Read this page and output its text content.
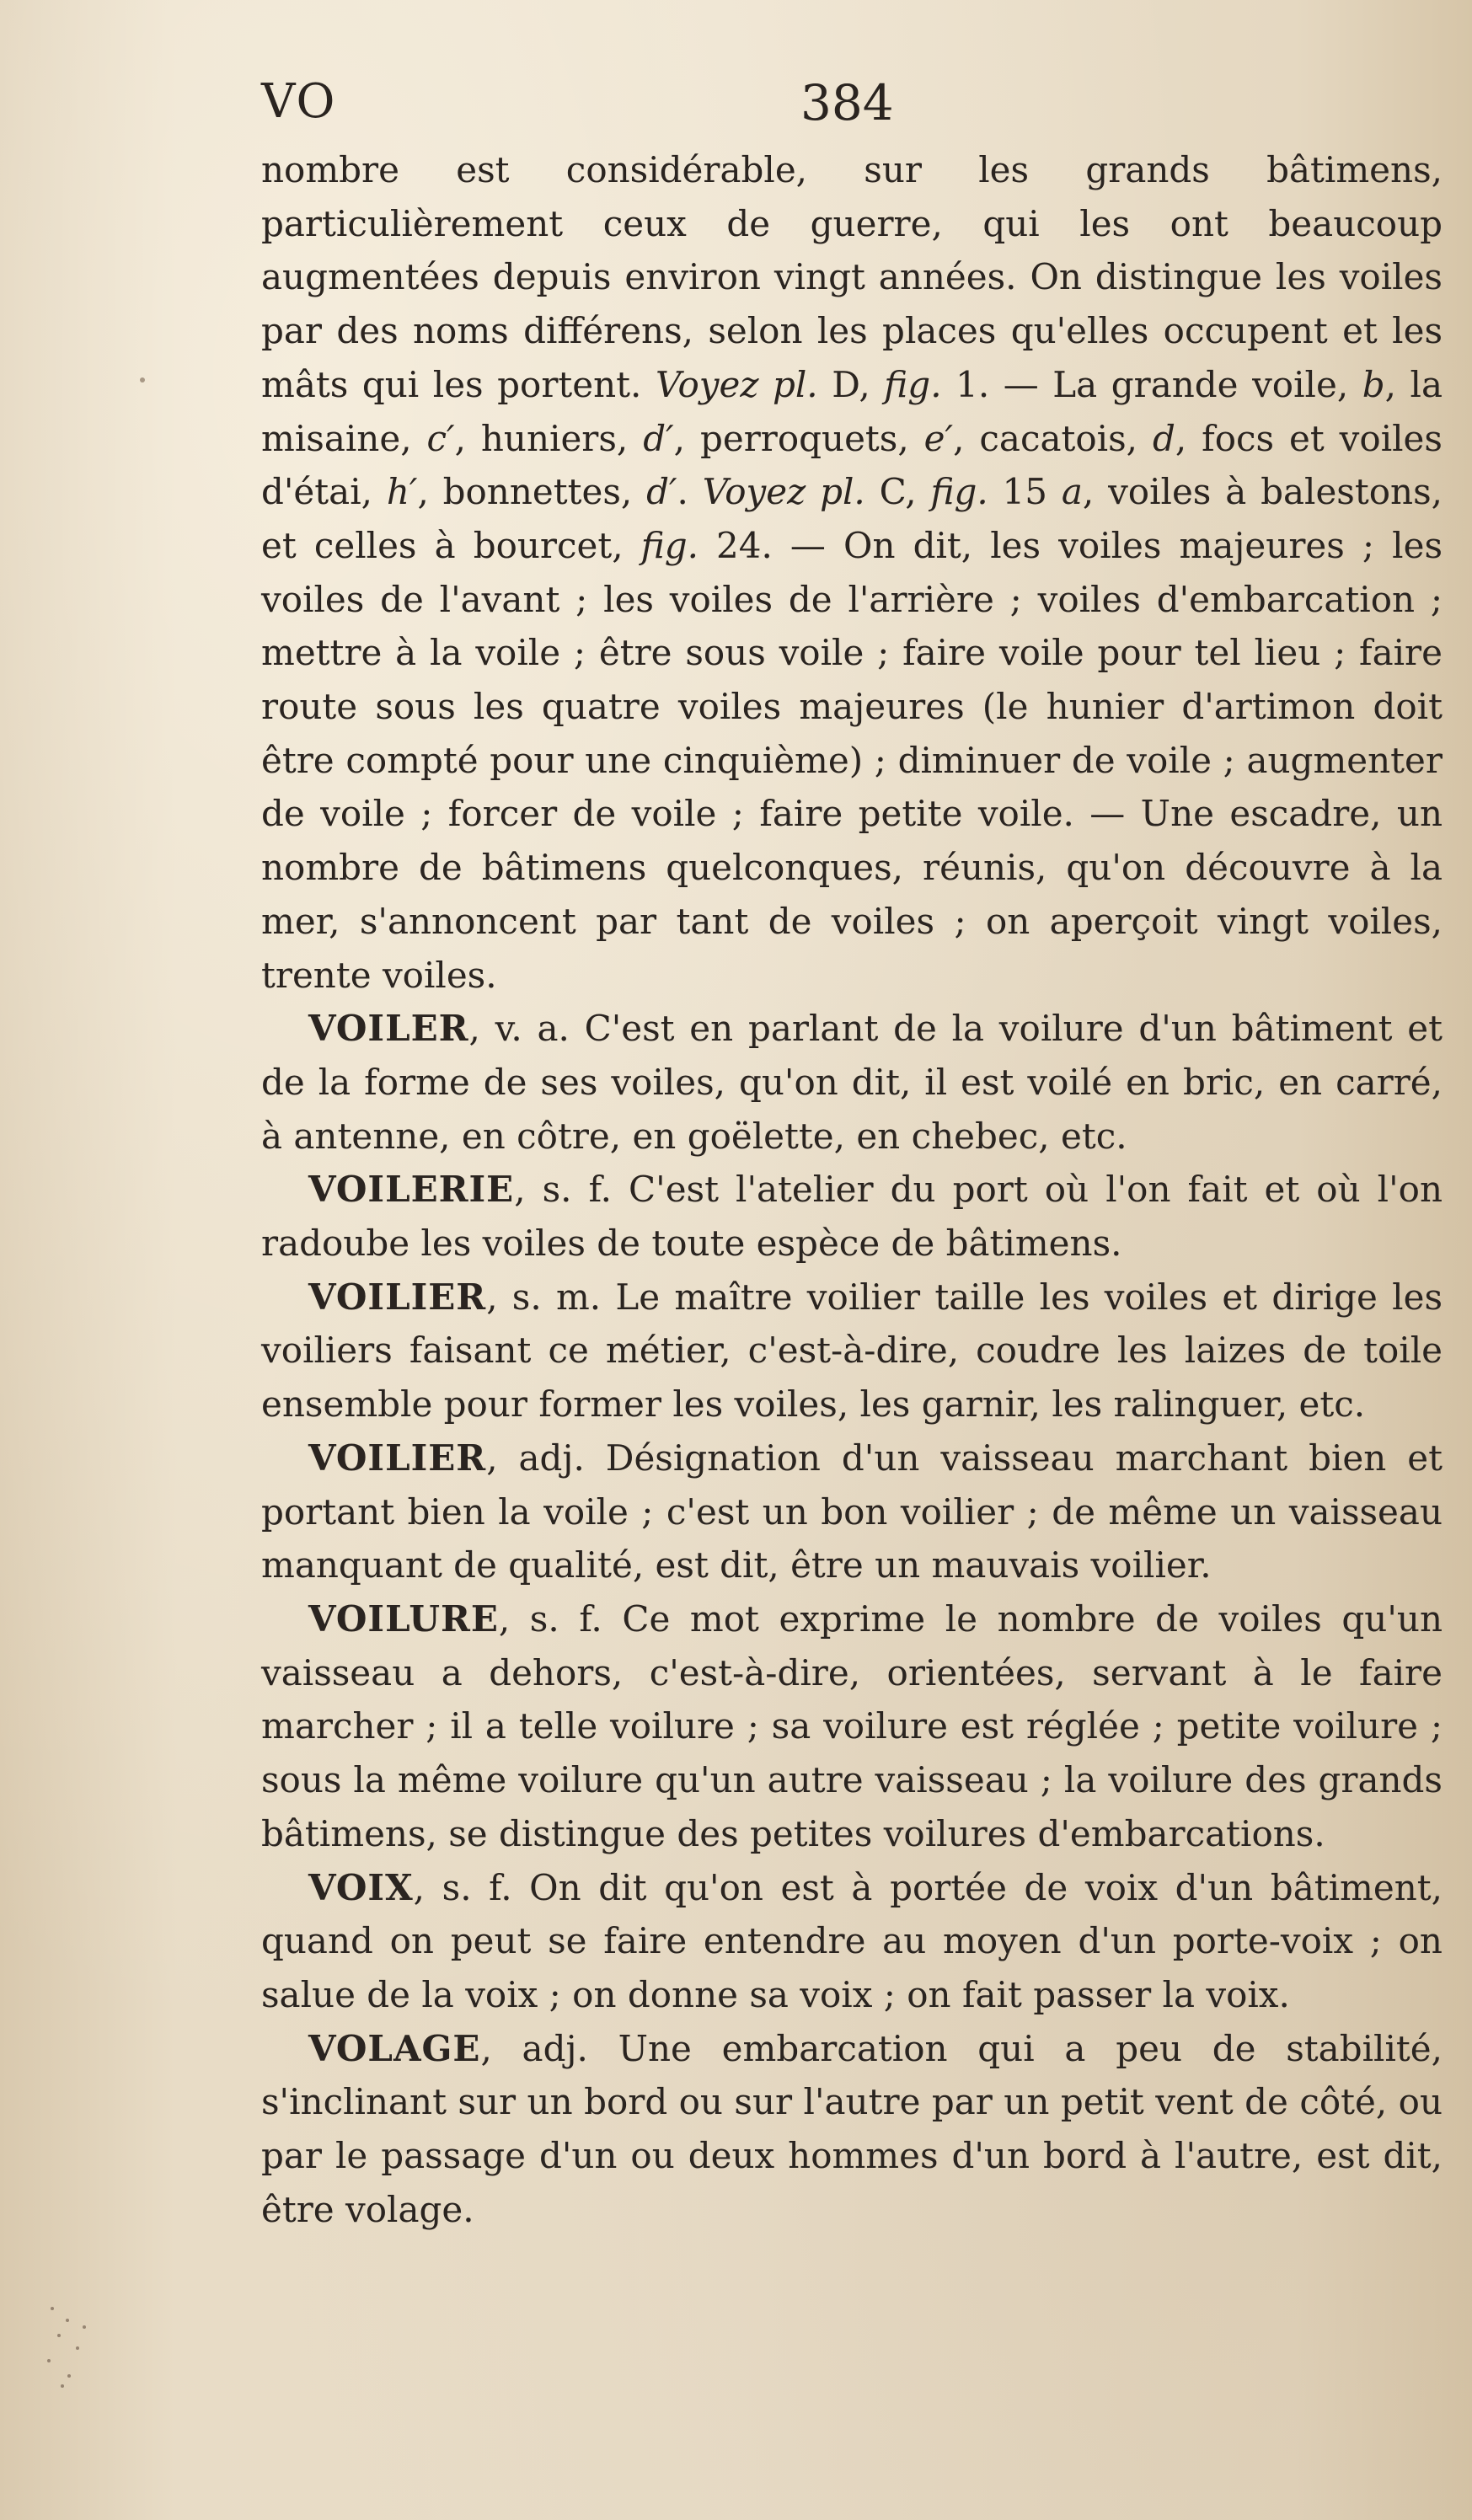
VO	384

nombre est considérable, sur les grands bâtimens, particulièrement ceux de guerre, qui les ont beaucoup augmentées depuis environ vingt années. On distingue les voiles par des noms différens, selon les places qu'elles occupent et les mâts qui les portent. Voyez pl. D, fig. 1. — La grande voile, b, la misaine, c′, huniers, d′, perroquets, e′, cacatois, d, focs et voiles d'étai, h′, bonnettes, d′. Voyez pl. C, fig. 15 a, voiles à balestons, et celles à bourcet, fig. 24. — On dit, les voiles majeures ; les voiles de l'avant ; les voiles de l'arrière ; voiles d'embarcation ; mettre à la voile ; être sous voile ; faire voile pour tel lieu ; faire route sous les quatre voiles majeures (le hunier d'artimon doit être compté pour une cinquième) ; diminuer de voile ; augmenter de voile ; forcer de voile ; faire petite voile. — Une escadre, un nombre de bâtimens quelconques, réunis, qu'on découvre à la mer, s'annoncent par tant de voiles ; on aperçoit vingt voiles, trente voiles.

VOILER, v. a. C'est en parlant de la voilure d'un bâtiment et de la forme de ses voiles, qu'on dit, il est voilé en bric, en carré, à antenne, en côtre, en goëlette, en chebec, etc.

VOILERIE, s. f. C'est l'atelier du port où l'on fait et où l'on radoube les voiles de toute espèce de bâtimens.

VOILIER, s. m. Le maître voilier taille les voiles et dirige les voiliers faisant ce métier, c'est-à-dire, coudre les laizes de toile ensemble pour former les voiles, les garnir, les ralinguer, etc.

VOILIER, adj. Désignation d'un vaisseau marchant bien et portant bien la voile ; c'est un bon voilier ; de même un vaisseau manquant de qualité, est dit, être un mauvais voilier.

VOILURE, s. f. Ce mot exprime le nombre de voiles qu'un vaisseau a dehors, c'est-à-dire, orientées, servant à le faire marcher ; il a telle voilure ; sa voilure est réglée ; petite voilure ; sous la même voilure qu'un autre vaisseau ; la voilure des grands bâtimens, se distingue des petites voilures d'embarcations.

VOIX, s. f. On dit qu'on est à portée de voix d'un bâtiment, quand on peut se faire entendre au moyen d'un porte-voix ; on salue de la voix ; on donne sa voix ; on fait passer la voix.

VOLAGE, adj. Une embarcation qui a peu de stabilité, s'inclinant sur un bord ou sur l'autre par un petit vent de côté, ou par le passage d'un ou deux hommes d'un bord à l'autre, est dit, être volage.
